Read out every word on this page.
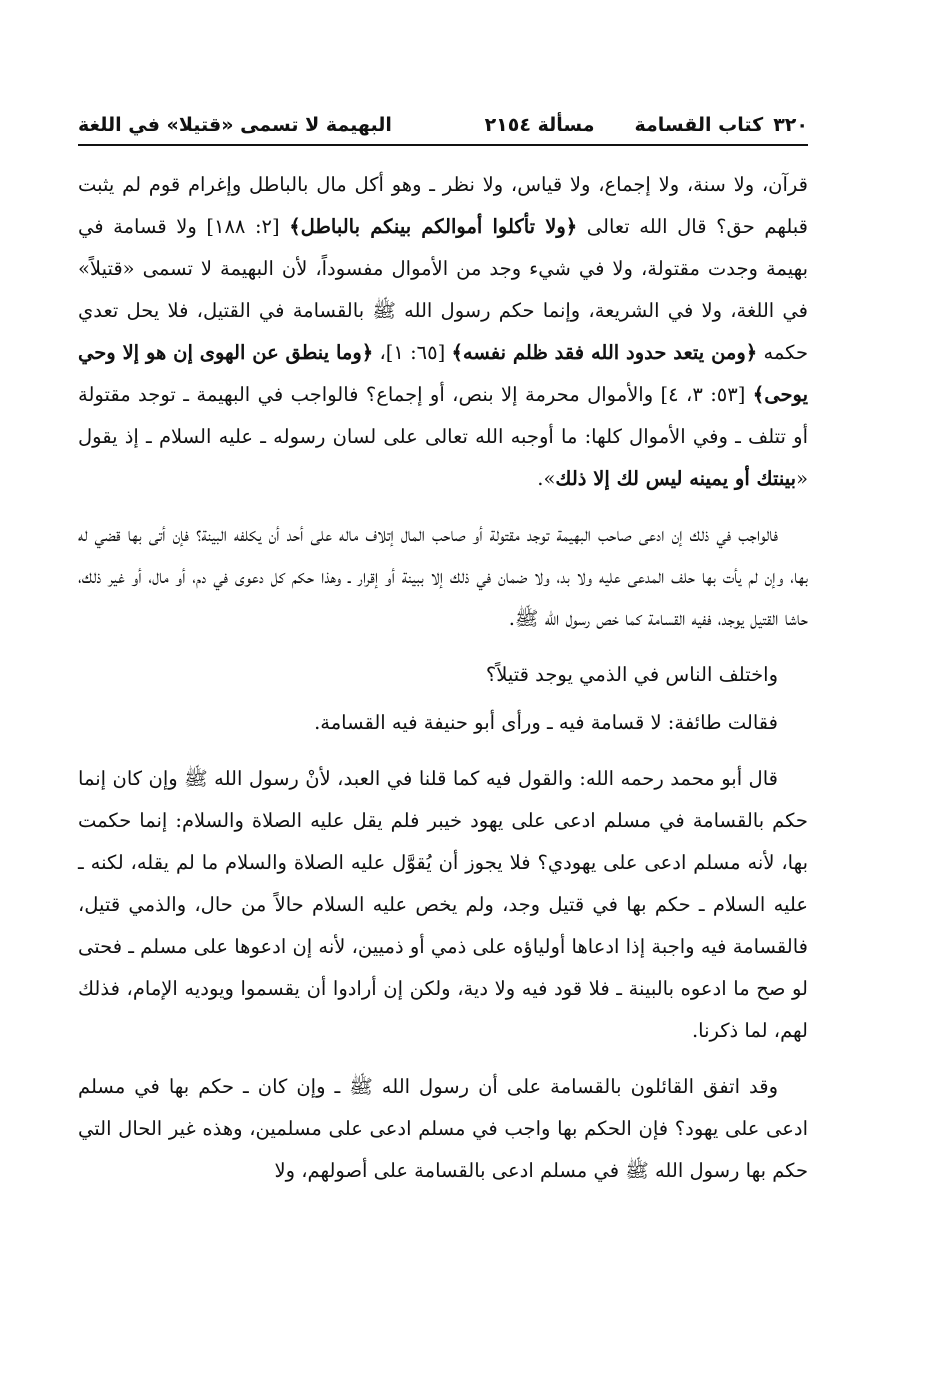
٣٢٠
كتاب القسامة
مسألة ٢١٥٤
البهيمة لا تسمى «قتيلا» في اللغة

قرآن، ولا سنة، ولا إجماع، ولا قياس، ولا نظر ـ وهو أكل مال بالباطل وإغرام قوم لم يثبت قبلهم حق؟ قال الله تعالى ﴿ولا تأكلوا أموالكم بينكم بالباطل﴾ [٢: ١٨٨] ولا قسامة في بهيمة وجدت مقتولة، ولا في شيء وجد من الأموال مفسوداً، لأن البهيمة لا تسمى «قتيلاً» في اللغة، ولا في الشريعة، وإنما حكم رسول الله ﷺ بالقسامة في القتيل، فلا يحل تعدي حكمه ﴿ومن يتعد حدود الله فقد ظلم نفسه﴾ [٦٥: ١]، ﴿وما ينطق عن الهوى إن هو إلا وحي يوحى﴾ [٥٣: ٣، ٤] والأموال محرمة إلا بنص، أو إجماع؟ فالواجب في البهيمة ـ توجد مقتولة أو تتلف ـ وفي الأموال كلها: ما أوجبه الله تعالى على لسان رسوله ـ عليه السلام ـ إذ يقول «بينتك أو يمينه ليس لك إلا ذلك».

فالواجب في ذلك إن ادعى صاحب البهيمة توجد مقتولة أو صاحب المال إتلاف ماله على أحد أن يكلفه البينة؟ فإن أتى بها قضي له بها، وإن لم يأت بها حلف المدعى عليه ولا بد، ولا ضمان في ذلك إلا ببينة أو إقرار ـ وهذا حكم كل دعوى في دم، أو مال، أو غير ذلك، حاشا القتيل يوجد، ففيه القسامة كما خص رسول الله ﷺ.

واختلف الناس في الذمي يوجد قتيلاً؟

فقالت طائفة: لا قسامة فيه ـ ورأى أبو حنيفة فيه القسامة.

قال أبو محمد رحمه الله: والقول فيه كما قلنا في العبد، لأنْ رسول الله ﷺ وإن كان إنما حكم بالقسامة في مسلم ادعى على يهود خيبر فلم يقل عليه الصلاة والسلام: إنما حكمت بها، لأنه مسلم ادعى على يهودي؟ فلا يجوز أن يُقوَّل عليه الصلاة والسلام ما لم يقله، لكنه ـ عليه السلام ـ حكم بها في قتيل وجد، ولم يخص عليه السلام حالاً من حال، والذمي قتيل، فالقسامة فيه واجبة إذا ادعاها أولياؤه على ذمي أو ذميين، لأنه إن ادعوها على مسلم ـ فحتى لو صح ما ادعوه بالبينة ـ فلا قود فيه ولا دية، ولكن إن أرادوا أن يقسموا ويوديه الإمام، فذلك لهم، لما ذكرنا.

وقد اتفق القائلون بالقسامة على أن رسول الله ﷺ ـ وإن كان ـ حكم بها في مسلم ادعى على يهود؟ فإن الحكم بها واجب في مسلم ادعى على مسلمين، وهذه غير الحال التي حكم بها رسول الله ﷺ في مسلم ادعى بالقسامة على أصولهم، ولا
